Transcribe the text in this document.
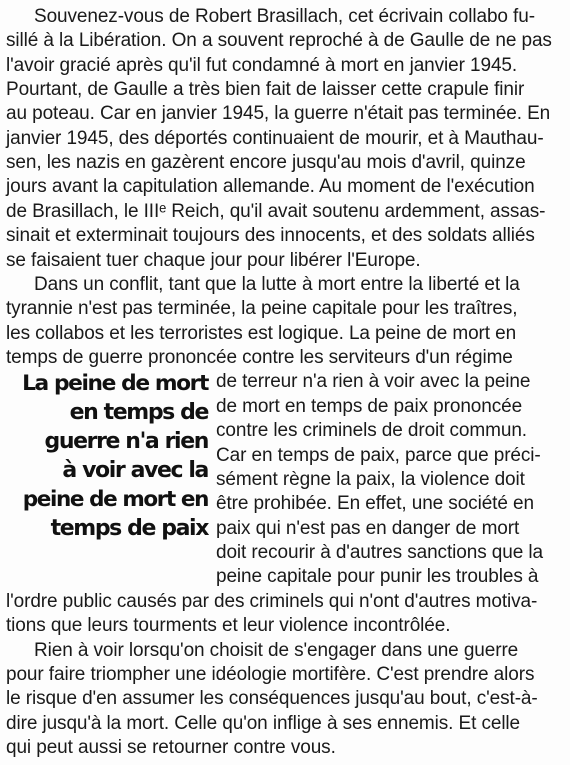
Souvenez-vous de Robert Brasillach, cet écrivain collabo fu-
sillé à la Libération. On a souvent reproché à de Gaulle de ne pas
l'avoir gracié après qu'il fut condamné à mort en janvier 1945.
Pourtant, de Gaulle a très bien fait de laisser cette crapule finir
au poteau. Car en janvier 1945, la guerre n'était pas terminée. En
janvier 1945, des déportés continuaient de mourir, et à Mauthau-
sen, les nazis en gazèrent encore jusqu'au mois d'avril, quinze
jours avant la capitulation allemande. Au moment de l'exécution
de Brasillach, le IIIᵉ Reich, qu'il avait soutenu ardemment, assas-
sinait et exterminait toujours des innocents, et des soldats alliés
se faisaient tuer chaque jour pour libérer l'Europe.
Dans un conflit, tant que la lutte à mort entre la liberté et la
tyrannie n'est pas terminée, la peine capitale pour les traîtres,
les collabos et les terroristes est logique. La peine de mort en
temps de guerre prononcée contre les serviteurs d'un régime
de terreur n'a rien à voir avec la peine
de mort en temps de paix prononcée
contre les criminels de droit commun.
Car en temps de paix, parce que préci-
sément règne la paix, la violence doit
être prohibée. En effet, une société en
paix qui n'est pas en danger de mort
doit recourir à d'autres sanctions que la
peine capitale pour punir les troubles à
l'ordre public causés par des criminels qui n'ont d'autres motiva-
tions que leurs tourments et leur violence incontrôlée.
Rien à voir lorsqu'on choisit de s'engager dans une guerre
pour faire triompher une idéologie mortifère. C'est prendre alors
le risque d'en assumer les conséquences jusqu'au bout, c'est-à-
dire jusqu'à la mort. Celle qu'on inflige à ses ennemis. Et celle
qui peut aussi se retourner contre vous.
La peine de mort
en temps de
guerre n'a rien
à voir avec la
peine de mort en
temps de paix
